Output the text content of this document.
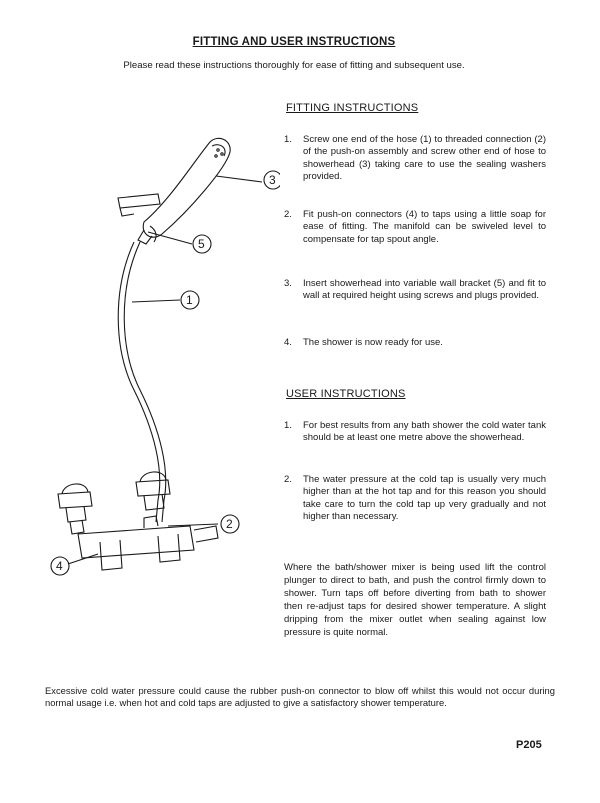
FITTING AND USER INSTRUCTIONS
Please read these instructions thoroughly for ease of fitting and subsequent use.
1
2
3
4
5
FITTING INSTRUCTIONS
1.	Screw one end of the hose (1) to threaded connection (2) of the push-on assembly and screw other end of hose to showerhead (3) taking care to use the sealing washers provided.
2.	Fit push-on connectors (4) to taps using a little soap for ease of fitting. The manifold can be swiveled level to compensate for tap spout angle.
3.	Insert showerhead into variable wall bracket (5) and fit to wall at required height using screws and plugs provided.
4.	The shower is now ready for use.
USER INSTRUCTIONS
1.	For best results from any bath shower the cold water tank should be at least one metre above the showerhead.
2.	The water pressure at the cold tap is usually very much higher than at the hot tap and for this reason you should take care to turn the cold tap up very gradually and not higher than necessary.
Where the bath/shower mixer is being used lift the control plunger to direct to bath, and push the control firmly down to shower. Turn taps off before diverting from bath to shower then re-adjust taps for desired shower temperature. A slight dripping from the mixer outlet when sealing against low pressure is quite normal.
Excessive cold water pressure could cause the rubber push-on connector to blow off whilst this would not occur during normal usage i.e. when hot and cold taps are adjusted to give a satisfactory shower temperature.
P205
